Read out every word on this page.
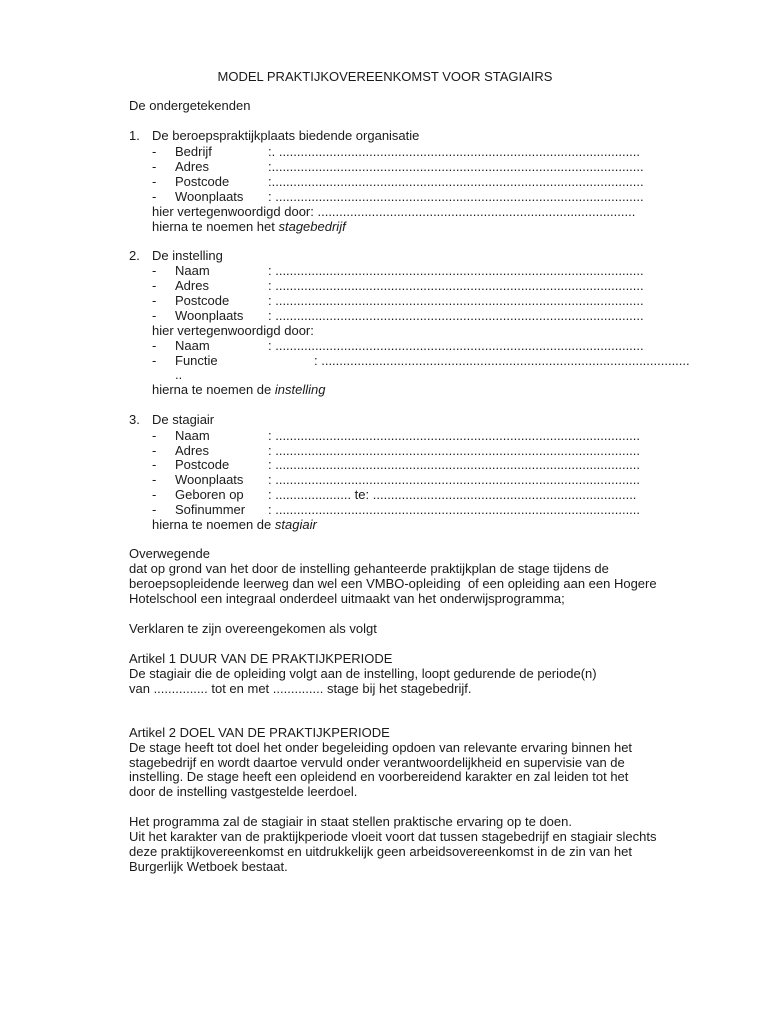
MODEL PRAKTIJKOVEREENKOMST VOOR STAGIAIRS
De ondergetekenden
1. De beroepspraktijkplaats biedende organisatie
- Bedrijf	:. ....................................................................................................
- Adres	:.......................................................................................................
- Postcode	:.......................................................................................................
- Woonplaats : ......................................................................................................
hier vertegenwoordigd door: ........................................................................................
hierna te noemen het stagebedrijf
2. De instelling
- Naam	: ......................................................................................................
- Adres	: ......................................................................................................
- Postcode	: ......................................................................................................
- Woonplaats : ......................................................................................................
hier vertegenwoordigd door:
- Naam	: ......................................................................................................
- Functie	: ......................................................................................................
..
hierna te noemen de instelling
3. De stagiair
- Naam	: .....................................................................................................
- Adres	: .....................................................................................................
- Postcode	: .....................................................................................................
- Woonplaats : .....................................................................................................
- Geboren op : ..................... te: .........................................................................
- Sofinummer : .....................................................................................................
hierna te noemen de stagiair
Overwegende
dat op grond van het door de instelling gehanteerde praktijkplan de stage tijdens de
beroepsopleidende leerweg dan wel een VMBO-opleiding  of een opleiding aan een Hogere
Hotelschool een integraal onderdeel uitmaakt van het onderwijsprogramma;
Verklaren te zijn overeengekomen als volgt
Artikel 1 DUUR VAN DE PRAKTIJKPERIODE
De stagiair die de opleiding volgt aan de instelling, loopt gedurende de periode(n)
van ............... tot en met .............. stage bij het stagebedrijf.
Artikel 2 DOEL VAN DE PRAKTIJKPERIODE
De stage heeft tot doel het onder begeleiding opdoen van relevante ervaring binnen het
stagebedrijf en wordt daartoe vervuld onder verantwoordelijkheid en supervisie van de
instelling. De stage heeft een opleidend en voorbereidend karakter en zal leiden tot het
door de instelling vastgestelde leerdoel.
Het programma zal de stagiair in staat stellen praktische ervaring op te doen.
Uit het karakter van de praktijkperiode vloeit voort dat tussen stagebedrijf en stagiair slechts
deze praktijkovereenkomst en uitdrukkelijk geen arbeidsovereenkomst in de zin van het
Burgerlijk Wetboek bestaat.
